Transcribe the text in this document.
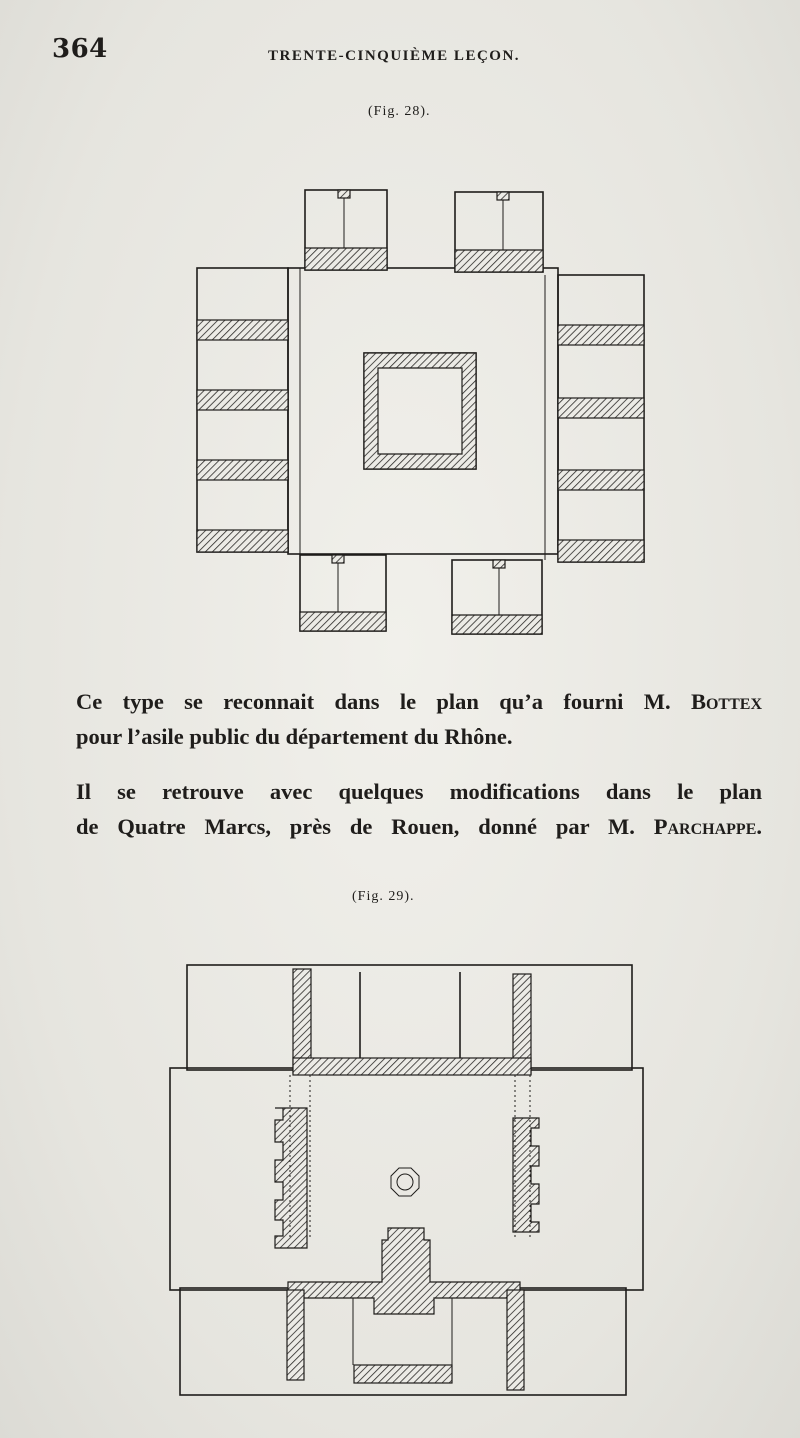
364	TRENTE-CINQUIÈME LEÇON.
(Fig. 28).
Ce type se reconnait dans le plan qu’a fourni M. Bottex
pour l’asile public du département du Rhône.
Il se retrouve avec quelques modifications dans le plan
de Quatre Marcs, près de Rouen, donné par M. Parchappe.
(Fig. 29).
